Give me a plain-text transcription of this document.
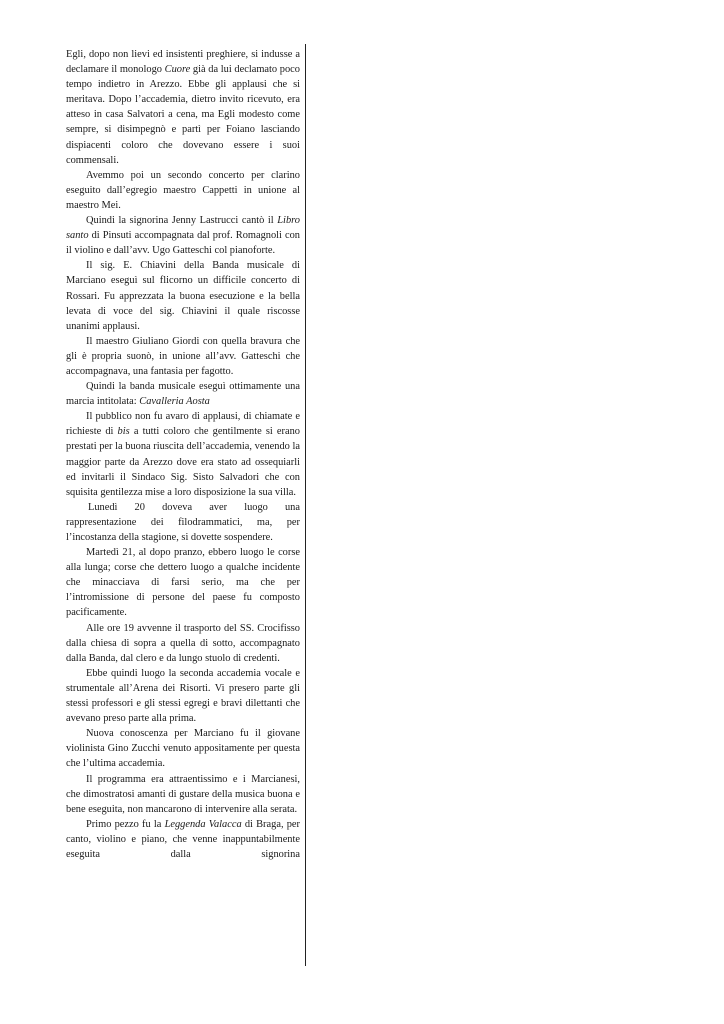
Egli, dopo non lievi ed insistenti preghiere, si indusse a declamare il monologo Cuore già da lui declamato poco tempo indietro in Arezzo. Ebbe gli applausi che si meritava. Dopo l’accademia, dietro invito ricevuto, era atteso in casa Salvatori a cena, ma Egli modesto come sempre, si disimpegnò e partì per Foiano lasciando dispiacenti coloro che dovevano essere i suoi commensali.

Avemmo poi un secondo concerto per clarino eseguito dall’egregio maestro Cappetti in unione al maestro Mei.

Quindi la signorina Jenny Lastrucci cantò il Libro santo di Pinsuti accompagnata dal prof. Romagnoli con il violino e dall’avv. Ugo Gatteschi col pianoforte.

Il sig. E. Chiavini della Banda musicale di Marciano eseguì sul flicorno un difficile concerto di Rossari. Fu apprezzata la buona esecuzione e la bella levata di voce del sig. Chiavini il quale riscosse unanimi applausi.

Il maestro Giuliano Giordi con quella bravura che gli è propria suonò, in unione all’avv. Gatteschi che accompagnava, una fantasia per fagotto.

Quindi la banda musicale eseguì ottimamente una marcia intitolata: Cavalleria Aosta

Il pubblico non fu avaro di applausi, di chiamate e richieste di bis a tutti coloro che gentilmente si erano prestati per la buona riuscita dell’accademia, venendo la maggior parte da Arezzo dove era stato ad ossequiarli ed invitarli il Sindaco Sig. Sisto Salvadori che con squisita gentilezza mise a loro disposizione la sua villa.

Lunedì 20 doveva aver luogo una rappresentazione dei filodrammatici, ma, per l’incostanza della stagione, si dovette sospendere.

Martedì 21, al dopo pranzo, ebbero luogo le corse alla lunga; corse che dettero luogo a qualche incidente che minacciava di farsi serio, ma che per l’intromissione di persone del paese fu composto pacificamente.

Alle ore 19 avvenne il trasporto del SS. Crocifisso dalla chiesa di sopra a quella di sotto, accompagnato dalla Banda, dal clero e da lungo stuolo di credenti.

Ebbe quindi luogo la seconda accademia vocale e strumentale all’Arena dei Risorti. Vi presero parte gli stessi professori e gli stessi egregi e bravi dilettanti che avevano preso parte alla prima.

Nuova conoscenza per Marciano fu il giovane violinista Gino Zucchi venuto appositamente per questa che l’ultima accademia.

Il programma era attraentissimo e i Marcianesi, che dimostratosi amanti di gustare della musica buona e bene eseguita, non mancarono di intervenire alla serata.

Primo pezzo fu la Leggenda Valacca di Braga, per canto, violino e piano, che venne inappuntabilmente eseguita dalla signorina
